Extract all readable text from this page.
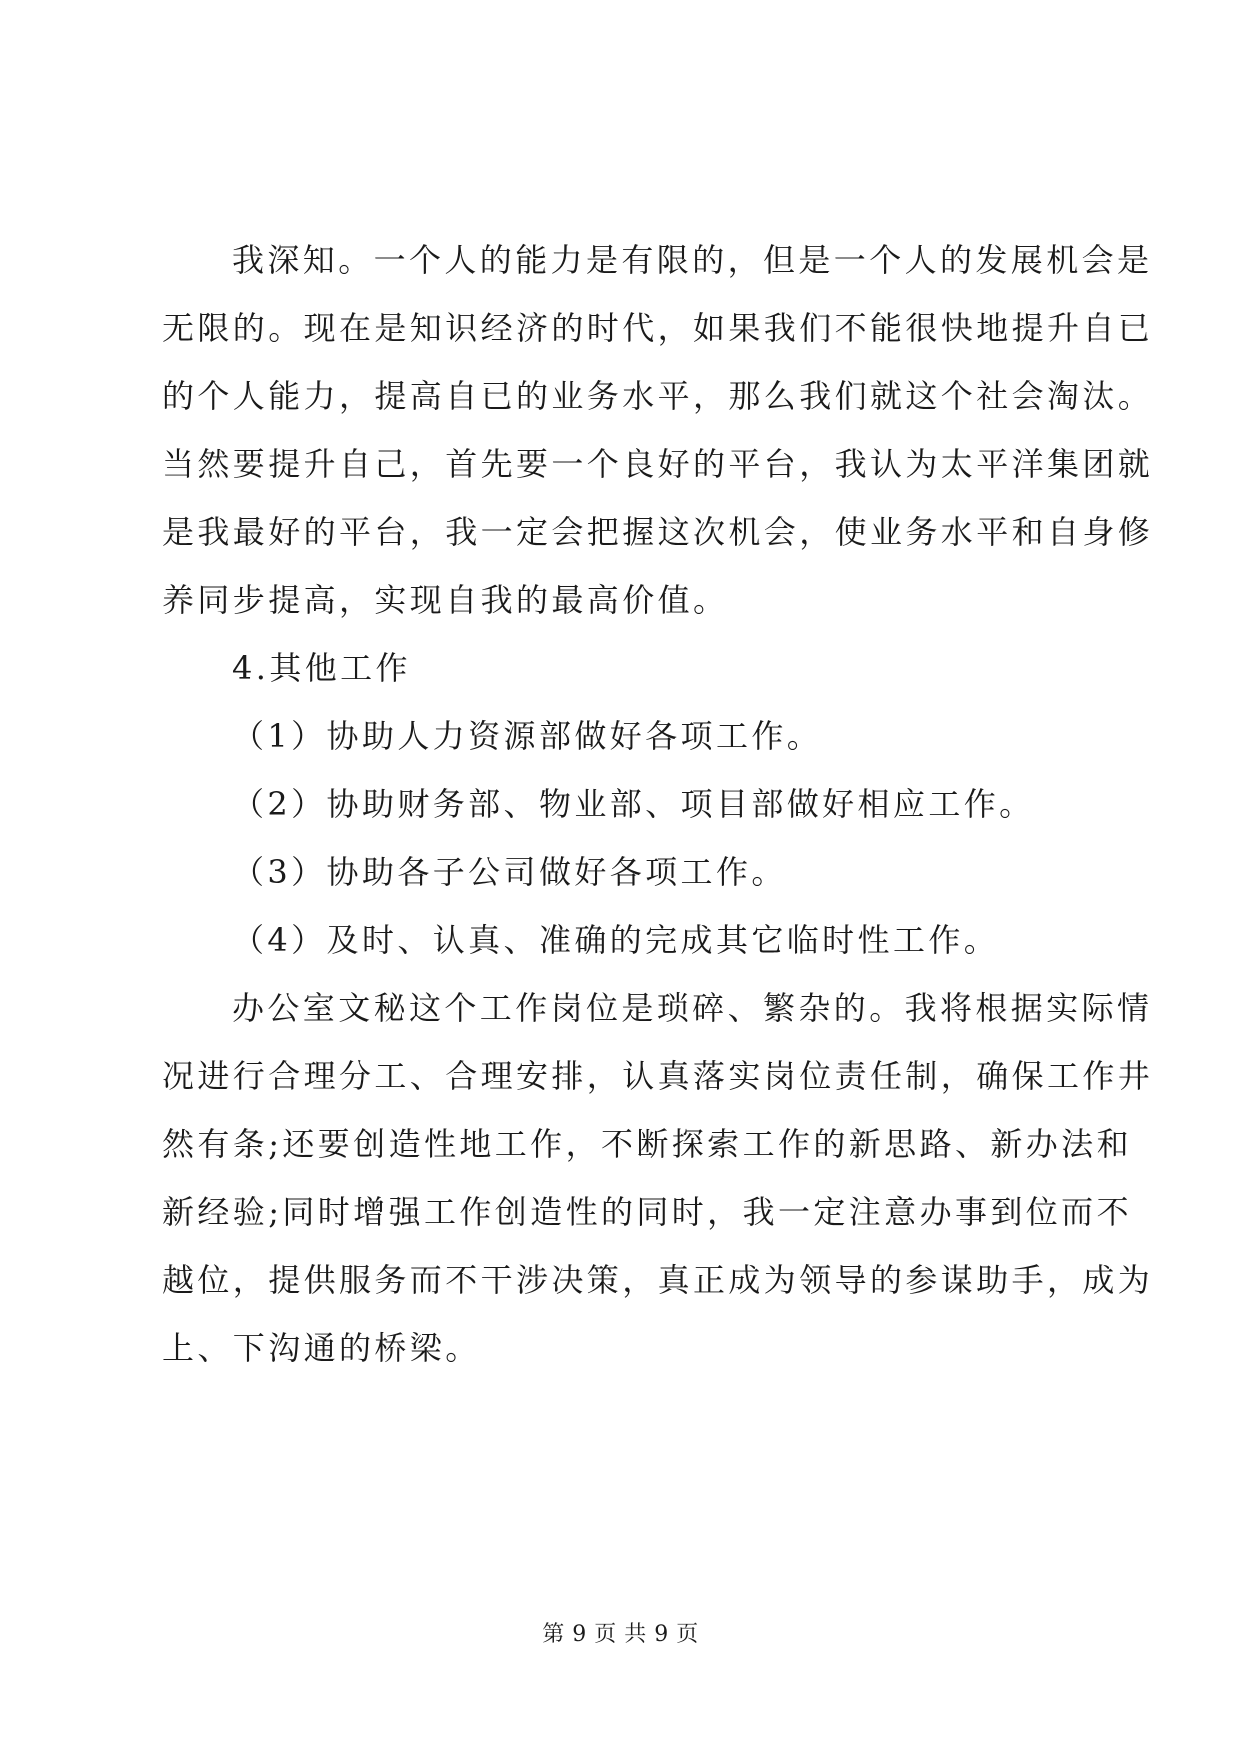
我深知。一个人的能力是有限的，但是一个人的发展机会是
无限的。现在是知识经济的时代，如果我们不能很快地提升自已
的个人能力，提高自已的业务水平，那么我们就这个社会淘汰。
当然要提升自己，首先要一个良好的平台，我认为太平洋集团就
是我最好的平台，我一定会把握这次机会，使业务水平和自身修
养同步提高，实现自我的最高价值。
4.其他工作
（1）协助人力资源部做好各项工作。
（2）协助财务部、物业部、项目部做好相应工作。
（3）协助各子公司做好各项工作。
（4）及时、认真、准确的完成其它临时性工作。
办公室文秘这个工作岗位是琐碎、繁杂的。我将根据实际情
况进行合理分工、合理安排，认真落实岗位责任制，确保工作井
然有条;还要创造性地工作，不断探索工作的新思路、新办法和
新经验;同时增强工作创造性的同时，我一定注意办事到位而不
越位，提供服务而不干涉决策，真正成为领导的参谋助手，成为
上、下沟通的桥梁。
第 9 页 共 9 页
